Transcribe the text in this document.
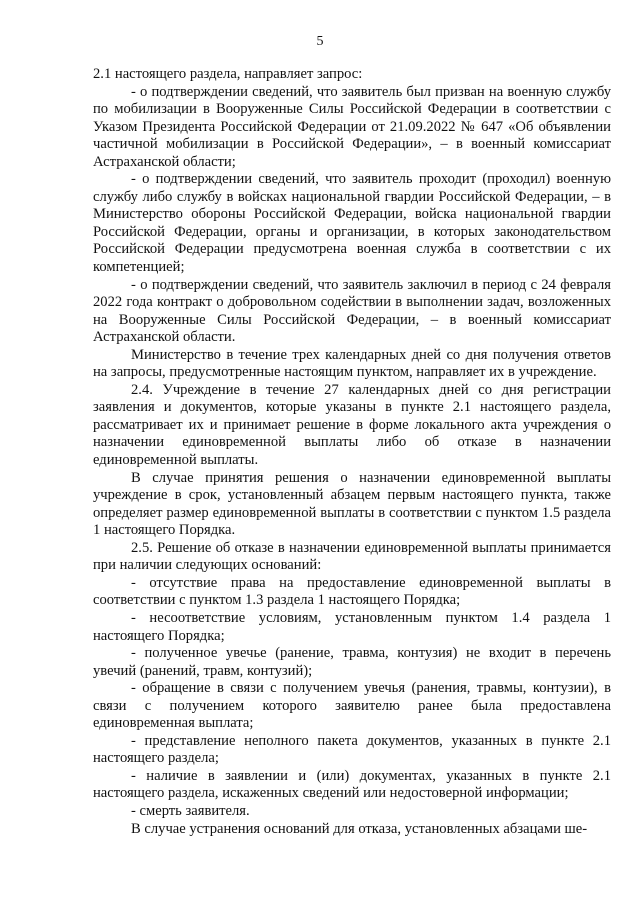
5

2.1 настоящего раздела, направляет запрос:

- о подтверждении сведений, что заявитель был призван на военную службу по мобилизации в Вооруженные Силы Российской Федерации в соответствии с Указом Президента Российской Федерации от 21.09.2022 № 647 «Об объявлении частичной мобилизации в Российской Федерации», – в военный комиссариат Астраханской области;

- о подтверждении сведений, что заявитель проходит (проходил) военную службу либо службу в войсках национальной гвардии Российской Федерации, – в Министерство обороны Российской Федерации, войска национальной гвардии Российской Федерации, органы и организации, в которых законодательством Российской Федерации предусмотрена военная служба в соответствии с их компетенцией;

- о подтверждении сведений, что заявитель заключил в период с 24 февраля 2022 года контракт о добровольном содействии в выполнении задач, возложенных на Вооруженные Силы Российской Федерации, – в военный комиссариат Астраханской области.

Министерство в течение трех календарных дней со дня получения ответов на запросы, предусмотренные настоящим пунктом, направляет их в учреждение.

2.4. Учреждение в течение 27 календарных дней со дня регистрации заявления и документов, которые указаны в пункте 2.1 настоящего раздела, рассматривает их и принимает решение в форме локального акта учреждения о назначении единовременной выплаты либо об отказе в назначении единовременной выплаты.

В случае принятия решения о назначении единовременной выплаты учреждение в срок, установленный абзацем первым настоящего пункта, также определяет размер единовременной выплаты в соответствии с пунктом 1.5 раздела 1 настоящего Порядка.

2.5. Решение об отказе в назначении единовременной выплаты принимается при наличии следующих оснований:

- отсутствие права на предоставление единовременной выплаты в соответствии с пунктом 1.3 раздела 1 настоящего Порядка;

- несоответствие условиям, установленным пунктом 1.4 раздела 1 настоящего Порядка;

- полученное увечье (ранение, травма, контузия) не входит в перечень увечий (ранений, травм, контузий);

- обращение в связи с получением увечья (ранения, травмы, контузии), в связи с получением которого заявителю ранее была предоставлена единовременная выплата;

- представление неполного пакета документов, указанных в пункте 2.1 настоящего раздела;

- наличие в заявлении и (или) документах, указанных в пункте 2.1 настоящего раздела, искаженных сведений или недостоверной информации;

- смерть заявителя.

В случае устранения оснований для отказа, установленных абзацами ше-
